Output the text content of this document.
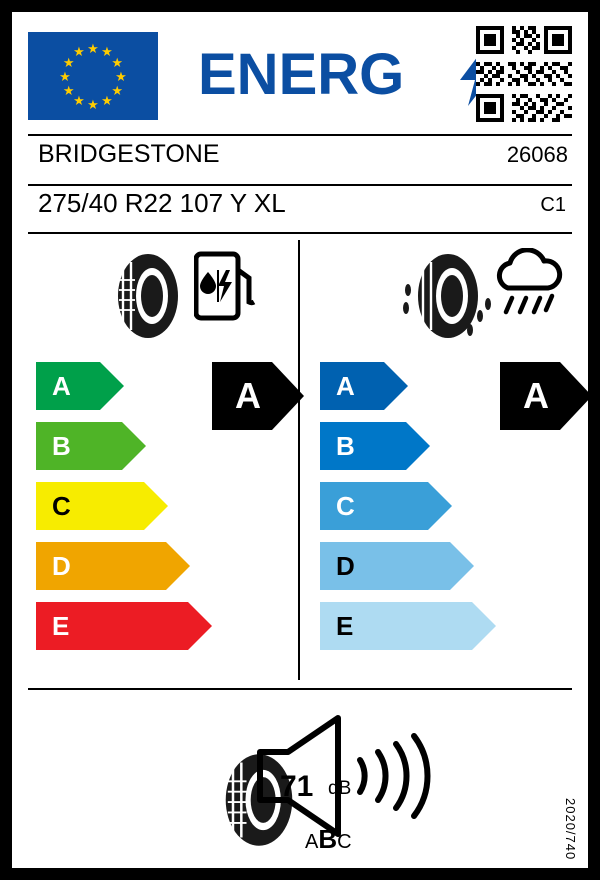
★ ★
★
★
★
★
★
★
★
★
★
★ ENERG
BRIDGESTONE	26068
275/40 R22 107 Y XL	C1
A
B
C
D
E
A	A
B
C
D
E
A
71 dB
ABC	2020/740
